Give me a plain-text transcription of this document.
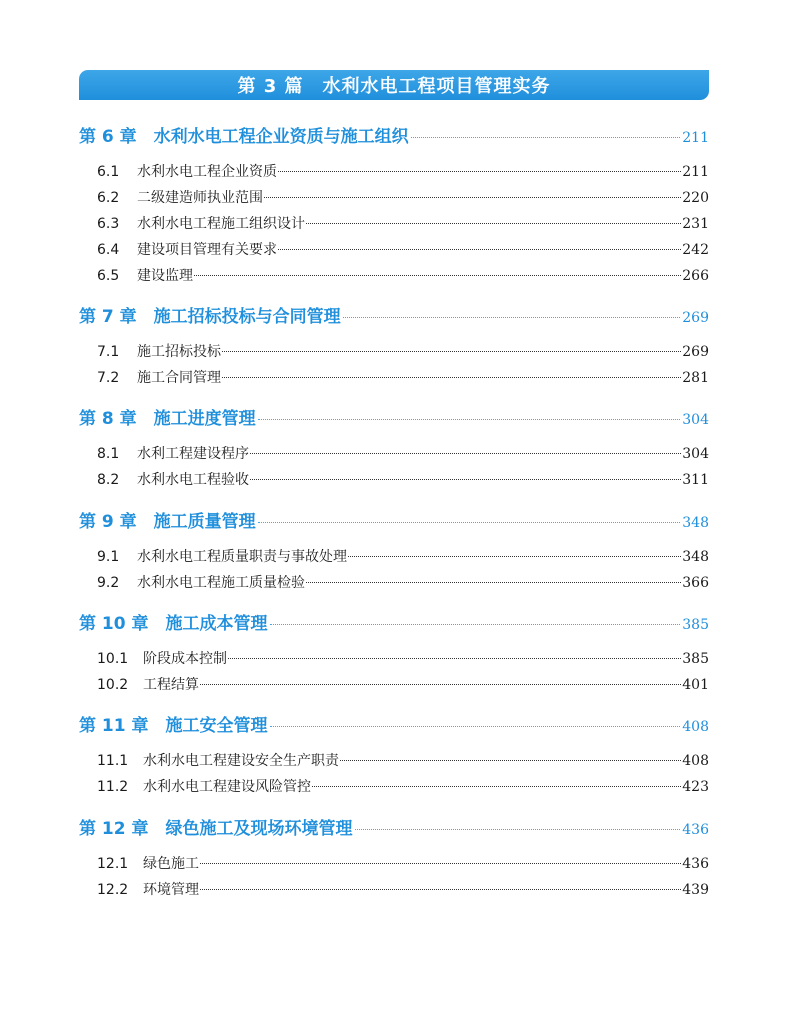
第 3 篇　水利水电工程项目管理实务
第 6 章　水利水电工程企业资质与施工组织	211
6.1 水利水电工程企业资质	211
6.2 二级建造师执业范围	220
6.3 水利水电工程施工组织设计	231
6.4 建设项目管理有关要求	242
6.5 建设监理	266
第 7 章　施工招标投标与合同管理	269
7.1 施工招标投标	269
7.2 施工合同管理	281
第 8 章　施工进度管理	304
8.1 水利工程建设程序	304
8.2 水利水电工程验收	311
第 9 章　施工质量管理	348
9.1 水利水电工程质量职责与事故处理	348
9.2 水利水电工程施工质量检验	366
第 10 章　施工成本管理	385
10.1 阶段成本控制	385
10.2 工程结算	401
第 11 章　施工安全管理	408
11.1 水利水电工程建设安全生产职责	408
11.2 水利水电工程建设风险管控	423
第 12 章　绿色施工及现场环境管理	436
12.1 绿色施工	436
12.2 环境管理	439
